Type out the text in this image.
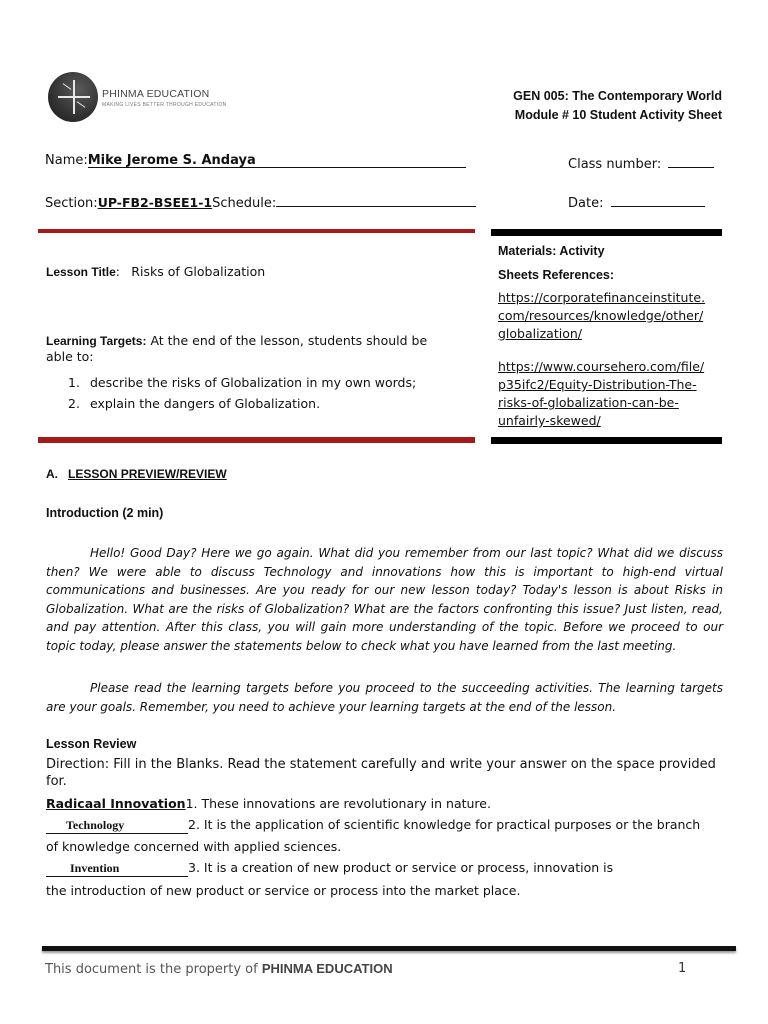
PHINMA EDUCATION
MAKING LIVES BETTER THROUGH EDUCATION
GEN 005: The Contemporary World
Module # 10 Student Activity Sheet
Name:Mike Jerome S. Andaya	Class number:
Section:UP-FB2-BSEE1-1Schedule:	Date:
Lesson Title: Risks of Globalization
Learning Targets: At the end of the lesson, students should be able to:
1. describe the risks of Globalization in my own words;
2. explain the dangers of Globalization.
Materials: Activity
Sheets References:
https://corporatefinanceinstitute.
com/resources/knowledge/other/
globalization/
https://www.coursehero.com/file/
p35ifc2/Equity-Distribution-The-
risks-of-globalization-can-be-
unfairly-skewed/
A. LESSON PREVIEW/REVIEW
Introduction (2 min)
Hello! Good Day? Here we go again. What did you remember from our last topic? What did we discuss then? We were able to discuss Technology and innovations how this is important to high-end virtual communications and businesses. Are you ready for our new lesson today? Today's lesson is about Risks in Globalization. What are the risks of Globalization? What are the factors confronting this issue? Just listen, read, and pay attention. After this class, you will gain more understanding of the topic. Before we proceed to our topic today, please answer the statements below to check what you have learned from the last meeting.
Please read the learning targets before you proceed to the succeeding activities. The learning targets are your goals. Remember, you need to achieve your learning targets at the end of the lesson.
Lesson Review
Direction: Fill in the Blanks. Read the statement carefully and write your answer on the space provided for.
Radicaal Innovation1. These innovations are revolutionary in nature.
Technology	2. It is the application of scientific knowledge for practical purposes or the branch
of knowledge concerned with applied sciences.
Invention	3. It is a creation of new product or service or process, innovation is
the introduction of new product or service or process into the market place.
This document is the property of PHINMA EDUCATION	1
